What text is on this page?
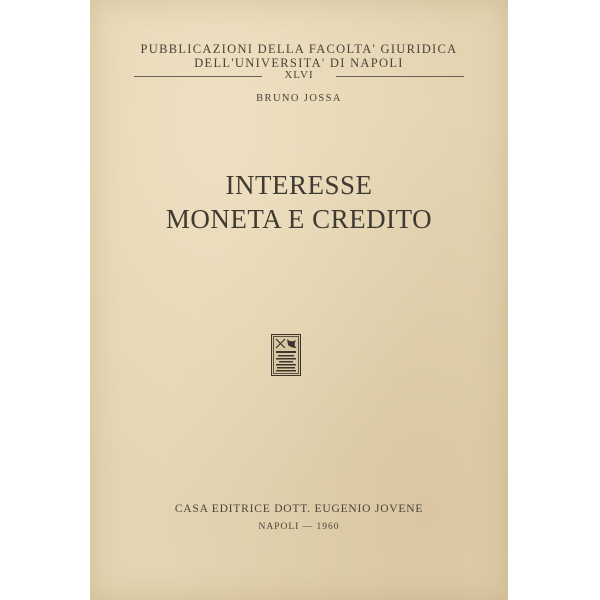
PUBBLICAZIONI DELLA FACOLTA' GIURIDICA
DELL'UNIVERSITA' DI NAPOLI
XLVI
BRUNO JOSSA
INTERESSE
MONETA E CREDITO
CASA EDITRICE DOTT. EUGENIO JOVENE
NAPOLI — 1960
